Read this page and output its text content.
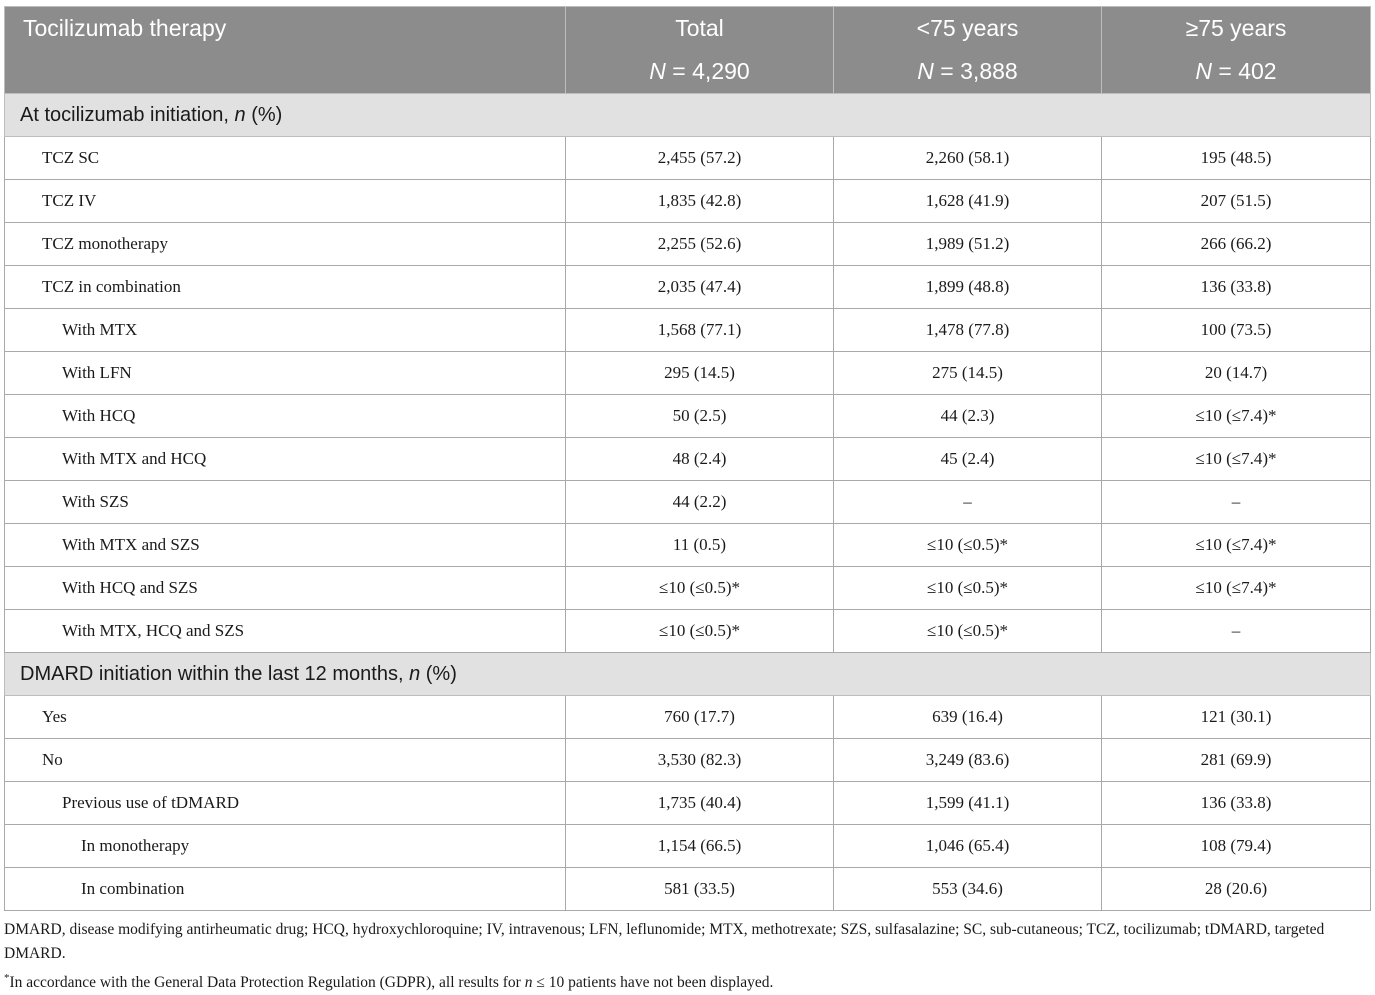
Tocilizumab therapy	Total	<75 years	≥75 years
	N = 4,290	N = 3,888	N = 402
At tocilizumab initiation, n (%)			
TCZ SC	2,455 (57.2)	2,260 (58.1)	195 (48.5)
TCZ IV	1,835 (42.8)	1,628 (41.9)	207 (51.5)
TCZ monotherapy	2,255 (52.6)	1,989 (51.2)	266 (66.2)
TCZ in combination	2,035 (47.4)	1,899 (48.8)	136 (33.8)
With MTX	1,568 (77.1)	1,478 (77.8)	100 (73.5)
With LFN	295 (14.5)	275 (14.5)	20 (14.7)
With HCQ	50 (2.5)	44 (2.3)	≤10 (≤7.4)*
With MTX and HCQ	48 (2.4)	45 (2.4)	≤10 (≤7.4)*
With SZS	44 (2.2)	–	–
With MTX and SZS	11 (0.5)	≤10 (≤0.5)*	≤10 (≤7.4)*
With HCQ and SZS	≤10 (≤0.5)*	≤10 (≤0.5)*	≤10 (≤7.4)*
With MTX, HCQ and SZS	≤10 (≤0.5)*	≤10 (≤0.5)*	–
DMARD initiation within the last 12 months, n (%)			
Yes	760 (17.7)	639 (16.4)	121 (30.1)
No	3,530 (82.3)	3,249 (83.6)	281 (69.9)
Previous use of tDMARD	1,735 (40.4)	1,599 (41.1)	136 (33.8)
In monotherapy	1,154 (66.5)	1,046 (65.4)	108 (79.4)
In combination	581 (33.5)	553 (34.6)	28 (20.6)

DMARD, disease modifying antirheumatic drug; HCQ, hydroxychloroquine; IV, intravenous; LFN, leflunomide; MTX, methotrexate; SZS, sulfasalazine; SC, sub-cutaneous; TCZ, tocilizumab; tDMARD, targeted DMARD.

*In accordance with the General Data Protection Regulation (GDPR), all results for n ≤ 10 patients have not been displayed.
